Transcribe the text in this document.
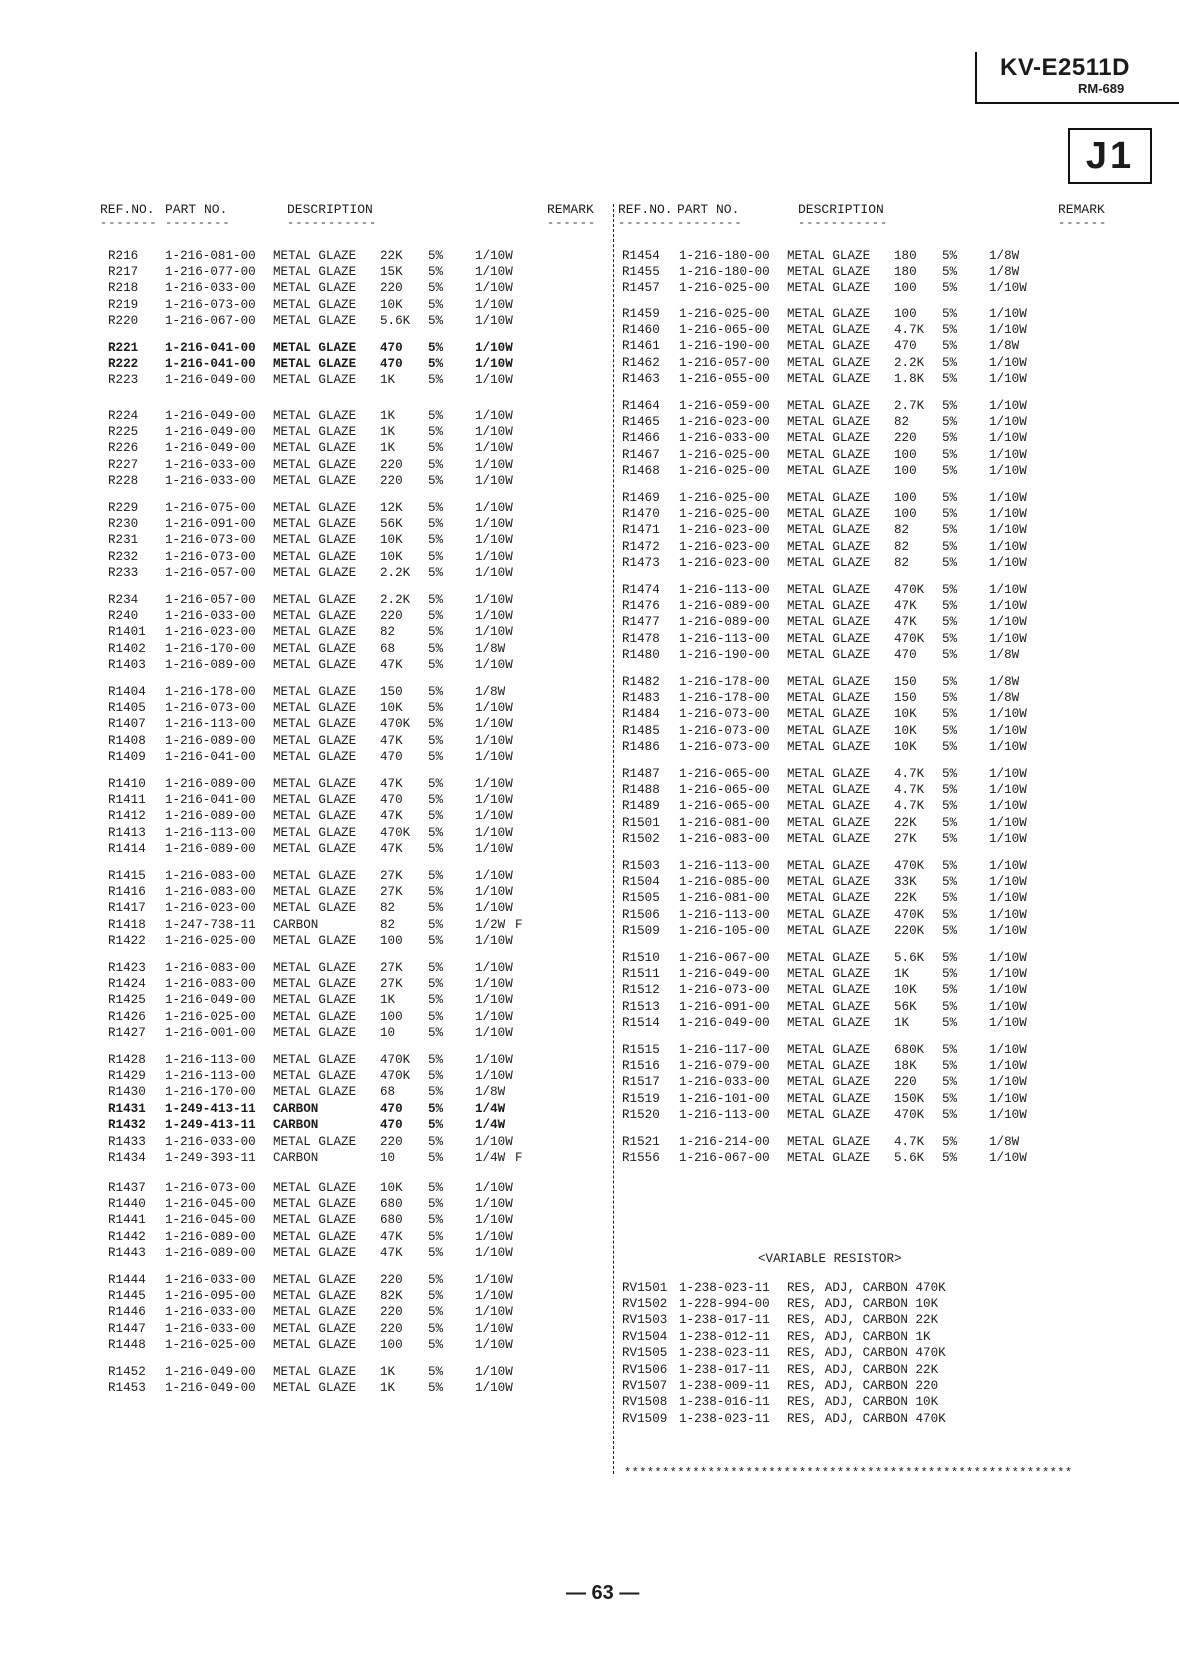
KV-E2511D
RM-689
J1
REF.NO. PART NO.	DESCRIPTION	REMARK
------- --------	-----------	------
REF.NO. PART NO.	DESCRIPTION	REMARK
------- --------	-----------	------
R216 1-216-081-00 METAL GLAZE 22K 5%	1/10W
R217 1-216-077-00 METAL GLAZE 15K 5%	1/10W
R218 1-216-033-00 METAL GLAZE 220 5%	1/10W
R219 1-216-073-00 METAL GLAZE 10K 5%	1/10W
R220 1-216-067-00 METAL GLAZE 5.6K 5%	1/10W
R221 1-216-041-00 METAL GLAZE 470 5%	1/10W
R222 1-216-041-00 METAL GLAZE 470 5%	1/10W
R223 1-216-049-00 METAL GLAZE 1K	5%	1/10W
R224 1-216-049-00 METAL GLAZE 1K	5%	1/10W
R225 1-216-049-00 METAL GLAZE 1K	5%	1/10W
R226 1-216-049-00 METAL GLAZE 1K	5%	1/10W
R227 1-216-033-00 METAL GLAZE 220 5%	1/10W
R228 1-216-033-00 METAL GLAZE 220 5%	1/10W
R229 1-216-075-00 METAL GLAZE 12K 5%	1/10W
R230 1-216-091-00 METAL GLAZE 56K 5%	1/10W
R231 1-216-073-00 METAL GLAZE 10K 5%	1/10W
R232 1-216-073-00 METAL GLAZE 10K 5%	1/10W
R233 1-216-057-00 METAL GLAZE 2.2K 5%	1/10W
R234 1-216-057-00 METAL GLAZE 2.2K 5%	1/10W
R240 1-216-033-00 METAL GLAZE 220 5%	1/10W
R1401 1-216-023-00 METAL GLAZE 82	5%	1/10W
R1402 1-216-170-00 METAL GLAZE 68	5%	1/8W
R1403 1-216-089-00 METAL GLAZE 47K 5%	1/10W
R1404 1-216-178-00 METAL GLAZE 150 5%	1/8W
R1405 1-216-073-00 METAL GLAZE 10K 5%	1/10W
R1407 1-216-113-00 METAL GLAZE 470K 5%	1/10W
R1408 1-216-089-00 METAL GLAZE 47K 5%	1/10W
R1409 1-216-041-00 METAL GLAZE 470 5%	1/10W
R1410 1-216-089-00 METAL GLAZE 47K 5%	1/10W
R1411 1-216-041-00 METAL GLAZE 470 5%	1/10W
R1412 1-216-089-00 METAL GLAZE 47K 5%	1/10W
R1413 1-216-113-00 METAL GLAZE 470K 5%	1/10W
R1414 1-216-089-00 METAL GLAZE 47K 5%	1/10W
R1415 1-216-083-00 METAL GLAZE 27K 5%	1/10W
R1416 1-216-083-00 METAL GLAZE 27K 5%	1/10W
R1417 1-216-023-00 METAL GLAZE 82	5%	1/10W
R1418 1-247-738-11 CARBON	82	5%	1/2W F
R1422 1-216-025-00 METAL GLAZE 100 5%	1/10W
R1423 1-216-083-00 METAL GLAZE 27K 5%	1/10W
R1424 1-216-083-00 METAL GLAZE 27K 5%	1/10W
R1425 1-216-049-00 METAL GLAZE 1K	5%	1/10W
R1426 1-216-025-00 METAL GLAZE 100 5%	1/10W
R1427 1-216-001-00 METAL GLAZE 10	5%	1/10W
R1428 1-216-113-00 METAL GLAZE 470K 5%	1/10W
R1429 1-216-113-00 METAL GLAZE 470K 5%	1/10W
R1430 1-216-170-00 METAL GLAZE 68	5%	1/8W
R1431 1-249-413-11 CARBON	470 5%	1/4W
R1432 1-249-413-11 CARBON	470 5%	1/4W
R1433 1-216-033-00 METAL GLAZE 220 5%	1/10W
R1434 1-249-393-11 CARBON	10	5%	1/4W F
R1437 1-216-073-00 METAL GLAZE 10K 5%	1/10W
R1440 1-216-045-00 METAL GLAZE 680 5%	1/10W
R1441 1-216-045-00 METAL GLAZE 680 5%	1/10W
R1442 1-216-089-00 METAL GLAZE 47K 5%	1/10W
R1443 1-216-089-00 METAL GLAZE 47K 5%	1/10W
R1444 1-216-033-00 METAL GLAZE 220 5%	1/10W
R1445 1-216-095-00 METAL GLAZE 82K 5%	1/10W
R1446 1-216-033-00 METAL GLAZE 220 5%	1/10W
R1447 1-216-033-00 METAL GLAZE 220 5%	1/10W
R1448 1-216-025-00 METAL GLAZE 100 5%	1/10W
R1452 1-216-049-00 METAL GLAZE 1K	5%	1/10W
R1453 1-216-049-00 METAL GLAZE 1K	5%	1/10W
R1454 1-216-180-00 METAL GLAZE 180 5%	1/8W
R1455 1-216-180-00 METAL GLAZE 180 5%	1/8W
R1457 1-216-025-00 METAL GLAZE 100 5%	1/10W
R1459 1-216-025-00 METAL GLAZE 100 5%	1/10W
R1460 1-216-065-00 METAL GLAZE 4.7K 5%	1/10W
R1461 1-216-190-00 METAL GLAZE 470 5%	1/8W
R1462 1-216-057-00 METAL GLAZE 2.2K 5%	1/10W
R1463 1-216-055-00 METAL GLAZE 1.8K 5%	1/10W
R1464 1-216-059-00 METAL GLAZE 2.7K 5%	1/10W
R1465 1-216-023-00 METAL GLAZE 82	5%	1/10W
R1466 1-216-033-00 METAL GLAZE 220 5%	1/10W
R1467 1-216-025-00 METAL GLAZE 100 5%	1/10W
R1468 1-216-025-00 METAL GLAZE 100 5%	1/10W
R1469 1-216-025-00 METAL GLAZE 100 5%	1/10W
R1470 1-216-025-00 METAL GLAZE 100 5%	1/10W
R1471 1-216-023-00 METAL GLAZE 82	5%	1/10W
R1472 1-216-023-00 METAL GLAZE 82	5%	1/10W
R1473 1-216-023-00 METAL GLAZE 82	5%	1/10W
R1474 1-216-113-00 METAL GLAZE 470K 5%	1/10W
R1476 1-216-089-00 METAL GLAZE 47K 5%	1/10W
R1477 1-216-089-00 METAL GLAZE 47K 5%	1/10W
R1478 1-216-113-00 METAL GLAZE 470K 5%	1/10W
R1480 1-216-190-00 METAL GLAZE 470 5%	1/8W
R1482 1-216-178-00 METAL GLAZE 150 5%	1/8W
R1483 1-216-178-00 METAL GLAZE 150 5%	1/8W
R1484 1-216-073-00 METAL GLAZE 10K 5%	1/10W
R1485 1-216-073-00 METAL GLAZE 10K 5%	1/10W
R1486 1-216-073-00 METAL GLAZE 10K 5%	1/10W
R1487 1-216-065-00 METAL GLAZE 4.7K 5%	1/10W
R1488 1-216-065-00 METAL GLAZE 4.7K 5%	1/10W
R1489 1-216-065-00 METAL GLAZE 4.7K 5%	1/10W
R1501 1-216-081-00 METAL GLAZE 22K 5%	1/10W
R1502 1-216-083-00 METAL GLAZE 27K 5%	1/10W
R1503 1-216-113-00 METAL GLAZE 470K 5%	1/10W
R1504 1-216-085-00 METAL GLAZE 33K 5%	1/10W
R1505 1-216-081-00 METAL GLAZE 22K 5%	1/10W
R1506 1-216-113-00 METAL GLAZE 470K 5%	1/10W
R1509 1-216-105-00 METAL GLAZE 220K 5%	1/10W
R1510 1-216-067-00 METAL GLAZE 5.6K 5%	1/10W
R1511 1-216-049-00 METAL GLAZE 1K	5%	1/10W
R1512 1-216-073-00 METAL GLAZE 10K 5%	1/10W
R1513 1-216-091-00 METAL GLAZE 56K 5%	1/10W
R1514 1-216-049-00 METAL GLAZE 1K	5%	1/10W
R1515 1-216-117-00 METAL GLAZE 680K 5%	1/10W
R1516 1-216-079-00 METAL GLAZE 18K 5%	1/10W
R1517 1-216-033-00 METAL GLAZE 220 5%	1/10W
R1519 1-216-101-00 METAL GLAZE 150K 5%	1/10W
R1520 1-216-113-00 METAL GLAZE 470K 5%	1/10W
R1521 1-216-214-00 METAL GLAZE 4.7K 5%	1/8W
R1556 1-216-067-00 METAL GLAZE 5.6K 5%	1/10W
<VARIABLE RESISTOR>
RV1501 1-238-023-11 RES, ADJ, CARBON 470K
RV1502 1-228-994-00 RES, ADJ, CARBON 10K
RV1503 1-238-017-11 RES, ADJ, CARBON 22K
RV1504 1-238-012-11 RES, ADJ, CARBON 1K
RV1505 1-238-023-11 RES, ADJ, CARBON 470K
RV1506 1-238-017-11 RES, ADJ, CARBON 22K
RV1507 1-238-009-11 RES, ADJ, CARBON 220
RV1508 1-238-016-11 RES, ADJ, CARBON 10K
RV1509 1-238-023-11 RES, ADJ, CARBON 470K
***********************************************************
— 63 —
